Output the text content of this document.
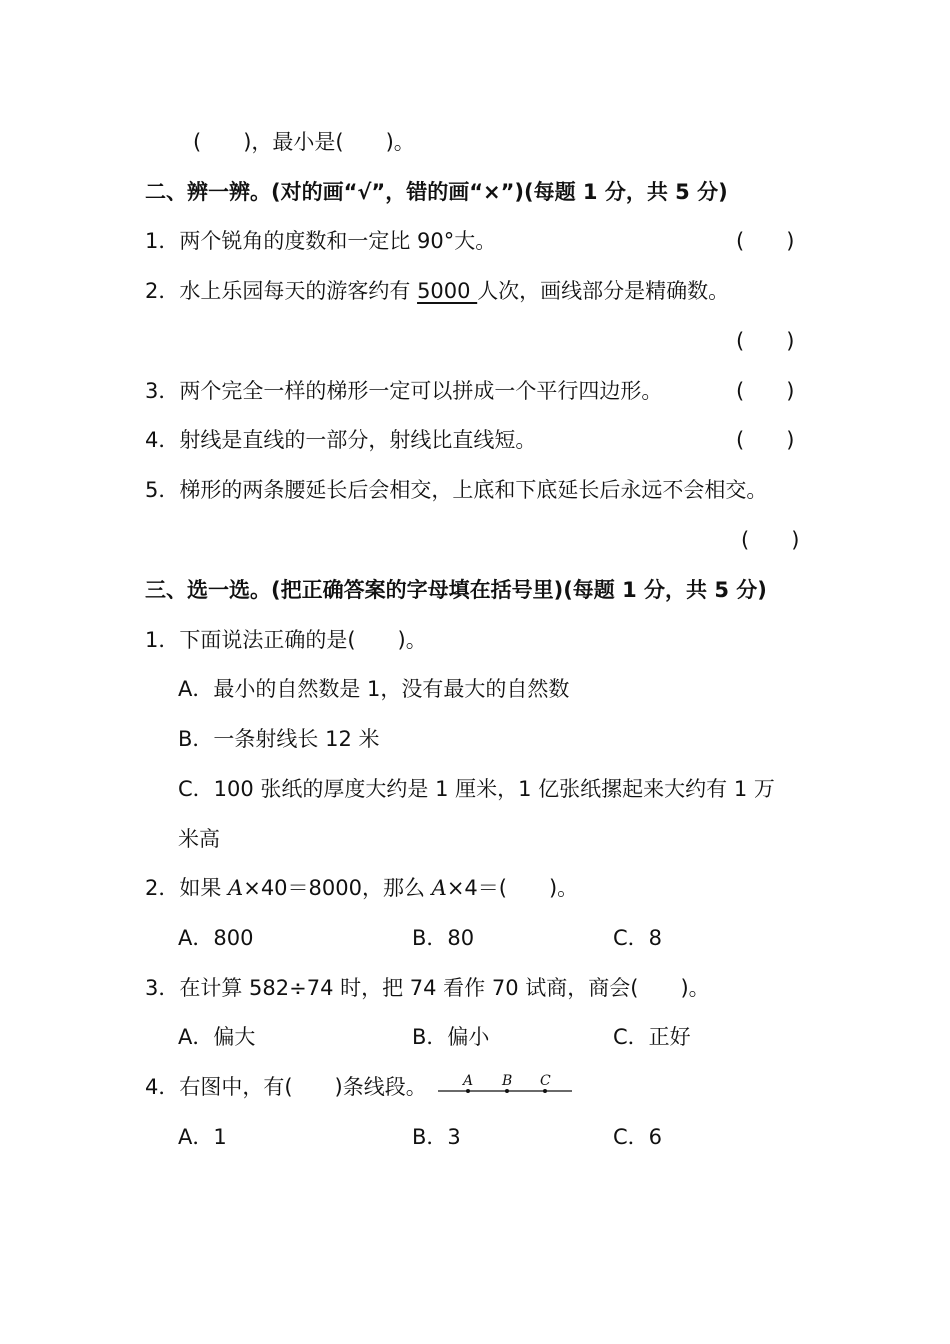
(　　)，最小是(　　)。
二、辨一辨。(对的画“√”，错的画“×”)(每题 1 分，共 5 分)
1．两个锐角的度数和一定比 90°大。	(　　)
2．水上乐园每天的游客约有 5000 人次，画线部分是精确数。
(　　)
3．两个完全一样的梯形一定可以拼成一个平行四边形。	(　　)
4．射线是直线的一部分，射线比直线短。	(　　)
5．梯形的两条腰延长后会相交，上底和下底延长后永远不会相交。
(　　)
三、选一选。(把正确答案的字母填在括号里)(每题 1 分，共 5 分)
1．下面说法正确的是(　　)。
A．最小的自然数是 1，没有最大的自然数
B．一条射线长 12 米
C．100 张纸的厚度大约是 1 厘米，1 亿张纸摞起来大约有 1 万
米高
2．如果 A×40＝8000，那么 A×4＝(　　)。
A．800	B．80	C．8
3．在计算 582÷74 时，把 74 看作 70 试商，商会(　　)。
A．偏大	B．偏小	C．正好
4．右图中，有(　　)条线段。	A B C
A．1	B．3	C．6
